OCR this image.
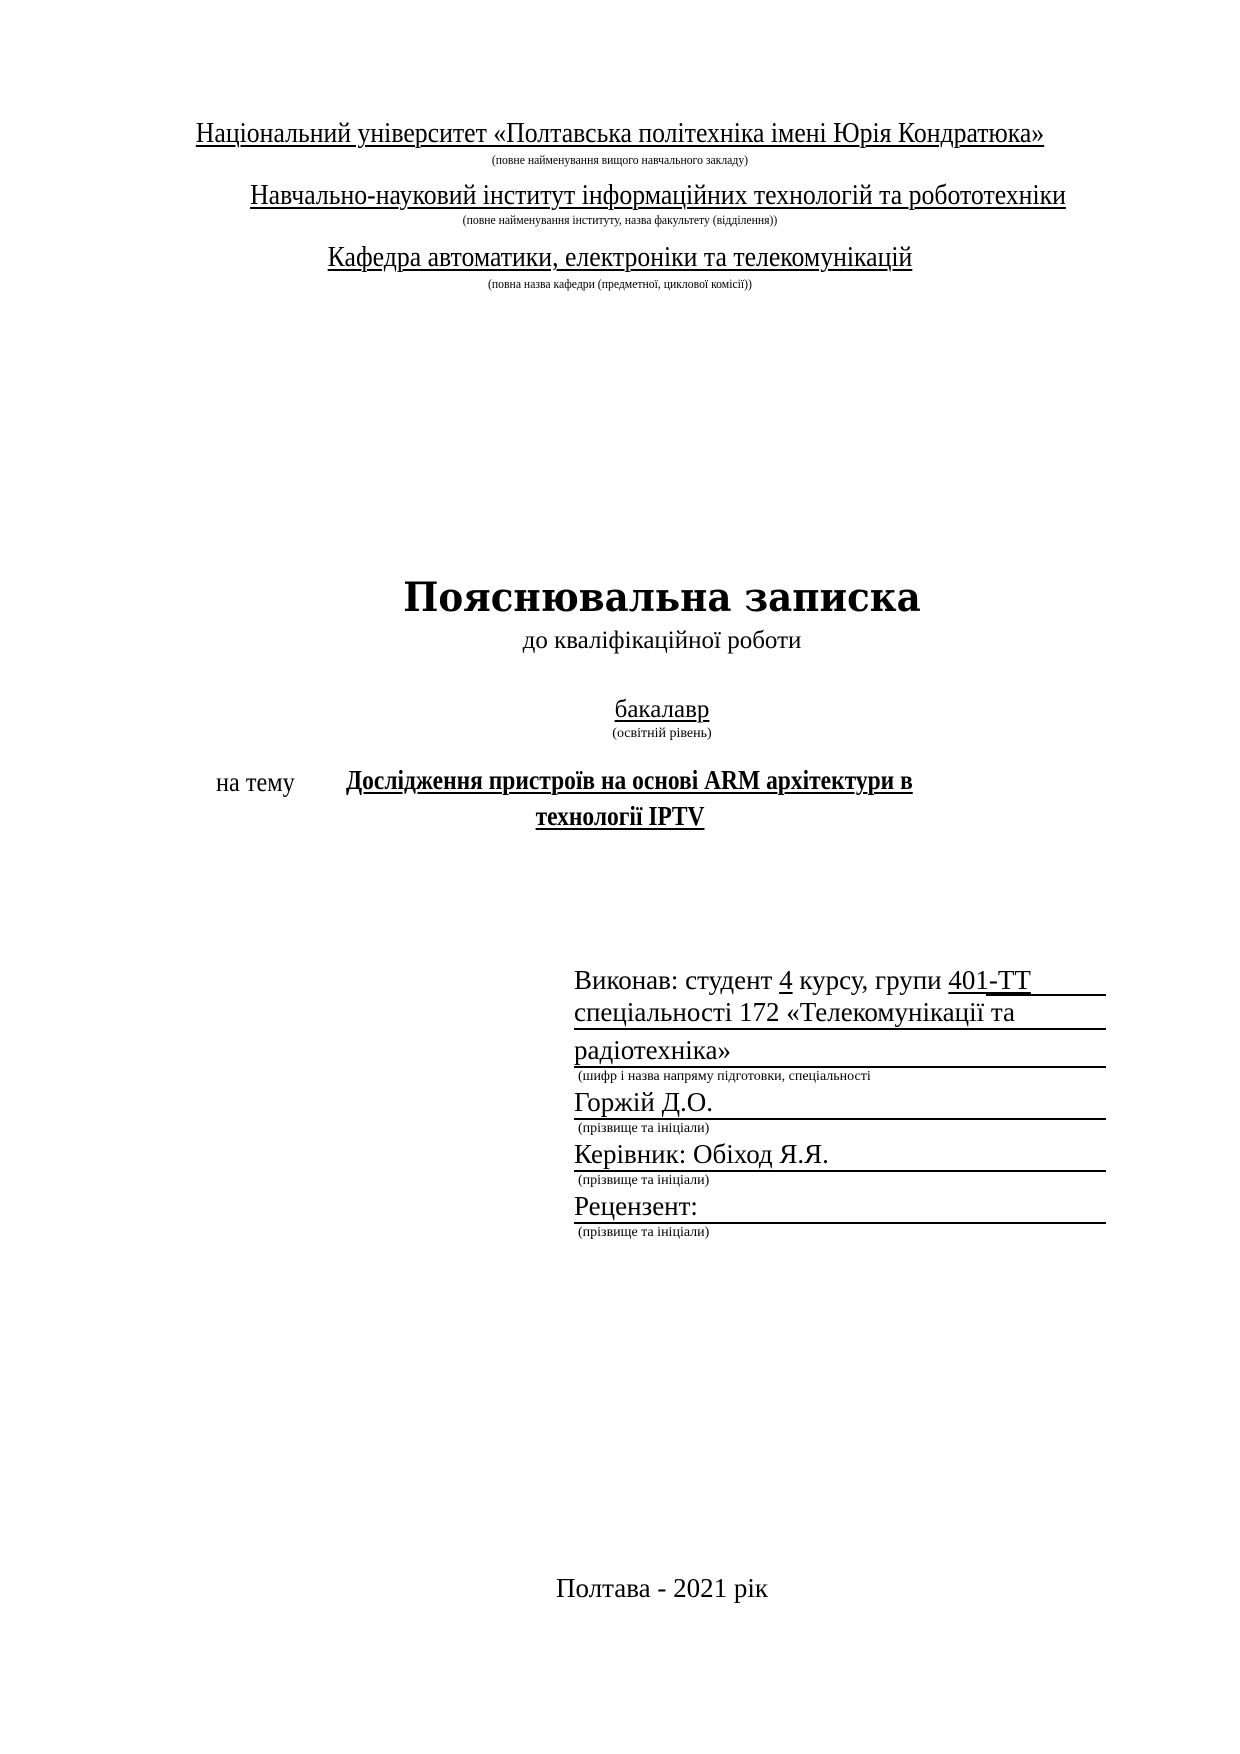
Національний університет «Полтавська політехніка імені Юрія Кондратюка»
(повне найменування вищого навчального закладу)
Навчально-науковий інститут інформаційних технологій та робототехніки
(повне найменування інституту, назва факультету (відділення))
Кафедра автоматики, електроніки та телекомунікацій
(повна назва кафедри (предметної, циклової комісії))
Пояснювальна записка
до кваліфікаційної роботи
бакалавр
(освітній рівень)
на тему Дослідження пристроїв на основі ARM архітектури в
технології IPTV
Виконав: студент 4 курсу, групи 401-ТТ
спеціальності 172 «Телекомунікації та
радіотехніка»
(шифр і назва напряму підготовки, спеціальності
Горжій Д.О.
(прізвище та ініціали)
Керівник: Обіход Я.Я.
(прізвище та ініціали)
Рецензент:
(прізвище та ініціали)
Полтава - 2021 рік
